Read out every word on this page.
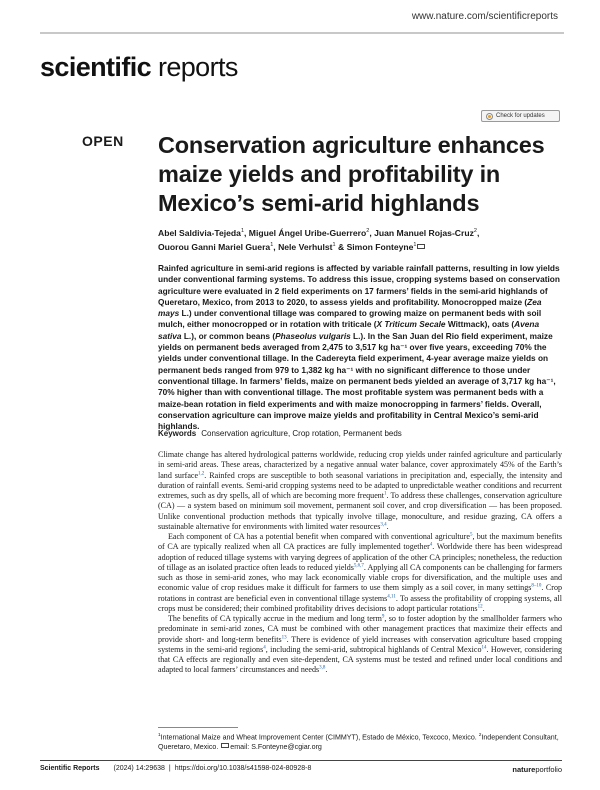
www.nature.com/scientificreports
scientific reports
OPEN
Check for updates
Conservation agriculture enhances maize yields and profitability in Mexico’s semi-arid highlands
Abel Saldivia-Tejeda$^1$, Miguel Ángel Uribe-Guerrero$^2$, Juan Manuel Rojas-Cruz$^2$,
Ouorou Ganni Mariel Guera$^1$, Nele Verhulst$^1$ & Simon Fonteyne$^1$
Rainfed agriculture in semi-arid regions is affected by variable rainfall patterns, resulting in low yields under conventional farming systems. To address this issue, cropping systems based on conservation agriculture were evaluated in 2 field experiments on 17 farmers’ fields in the semi-arid highlands of Queretaro, Mexico, from 2013 to 2020, to assess yields and profitability. Monocropped maize (Zea mays L.) under conventional tillage was compared to growing maize on permanent beds with soil mulch, either monocropped or in rotation with triticale (X Triticum Secale Wittmack), oats (Avena sativa L.), or common beans (Phaseolus vulgaris L.). In the San Juan del Rio field experiment, maize yields on permanent beds averaged from 2,475 to 3,517 kg ha⁻¹ over five years, exceeding 70% the yields under conventional tillage. In the Cadereyta field experiment, 4-year average maize yields on permanent beds ranged from 979 to 1,382 kg ha⁻¹ with no significant difference to those under conventional tillage. In farmers’ fields, maize on permanent beds yielded an average of 3,717 kg ha⁻¹, 70% higher than with conventional tillage. The most profitable system was permanent beds with a maize-bean rotation in field experiments and with maize monocropping in farmers’ fields. Overall, conservation agriculture can improve maize yields and profitability in Central Mexico’s semi-arid highlands.
Keywords Conservation agriculture, Crop rotation, Permanent beds

Climate change has altered hydrological patterns worldwide, reducing crop yields under rainfed agriculture and particularly in semi-arid areas. These areas, characterized by a negative annual water balance, cover approximately 45% of the Earth’s land surface$^{1,2}$. Rainfed crops are susceptible to both seasonal variations in precipitation and, especially, the intensity and duration of rainfall events. Semi-arid cropping systems need to be adapted to unpredictable weather conditions and recurrent extremes, such as dry spells, all of which are becoming more frequent$^1$. To address these challenges, conservation agriculture (CA) — a system based on minimum soil movement, permanent soil cover, and crop diversification — has been proposed. Unlike conventional production methods that typically involve tillage, monoculture, and residue grazing, CA offers a sustainable alternative for environments with limited water resources$^{3,4}$.

Each component of CA has a potential benefit when compared with conventional agriculture$^5$, but the maximum benefits of CA are typically realized when all CA practices are fully implemented together$^4$. Worldwide there has been widespread adoption of reduced tillage systems with varying degrees of application of the other CA principles; nonetheless, the reduction of tillage as an isolated practice often leads to reduced yields$^{5,6,7}$. Applying all CA components can be challenging for farmers such as those in semi-arid zones, who may lack economically viable crops for diversification, and the multiple uses and economic value of crop residues make it difficult for farmers to use them simply as a soil cover, in many settings$^{8-10}$. Crop rotations in contrast are beneficial even in conventional tillage systems$^{4,11}$. To assess the profitability of cropping systems, all crops must be considered; their combined profitability drives decisions to adopt particular rotations$^{12}$.

The benefits of CA typically accrue in the medium and long term$^9$, so to foster adoption by the smallholder farmers who predominate in semi-arid zones, CA must be combined with other management practices that maximize their effects and provide short- and long-term benefits$^{13}$. There is evidence of yield increases with conservation agriculture based cropping systems in the semi-arid regions$^4$, including the semi-arid, subtropical highlands of Central Mexico$^{14}$. However, considering that CA effects are regionally and even site-dependent, CA systems must be tested and refined under local conditions and adapted to local farmers’ circumstances and needs$^{3,8}$.

$^1$International Maize and Wheat Improvement Center (CIMMYT), Estado de México, Texcoco, Mexico. $^2$Independent Consultant, Queretaro, Mexico. email: S.Fonteyne@cgiar.org
Scientific Reports (2024) 14:29638 | https://doi.org/10.1038/s41598-024-80928-8	natureportfolio
